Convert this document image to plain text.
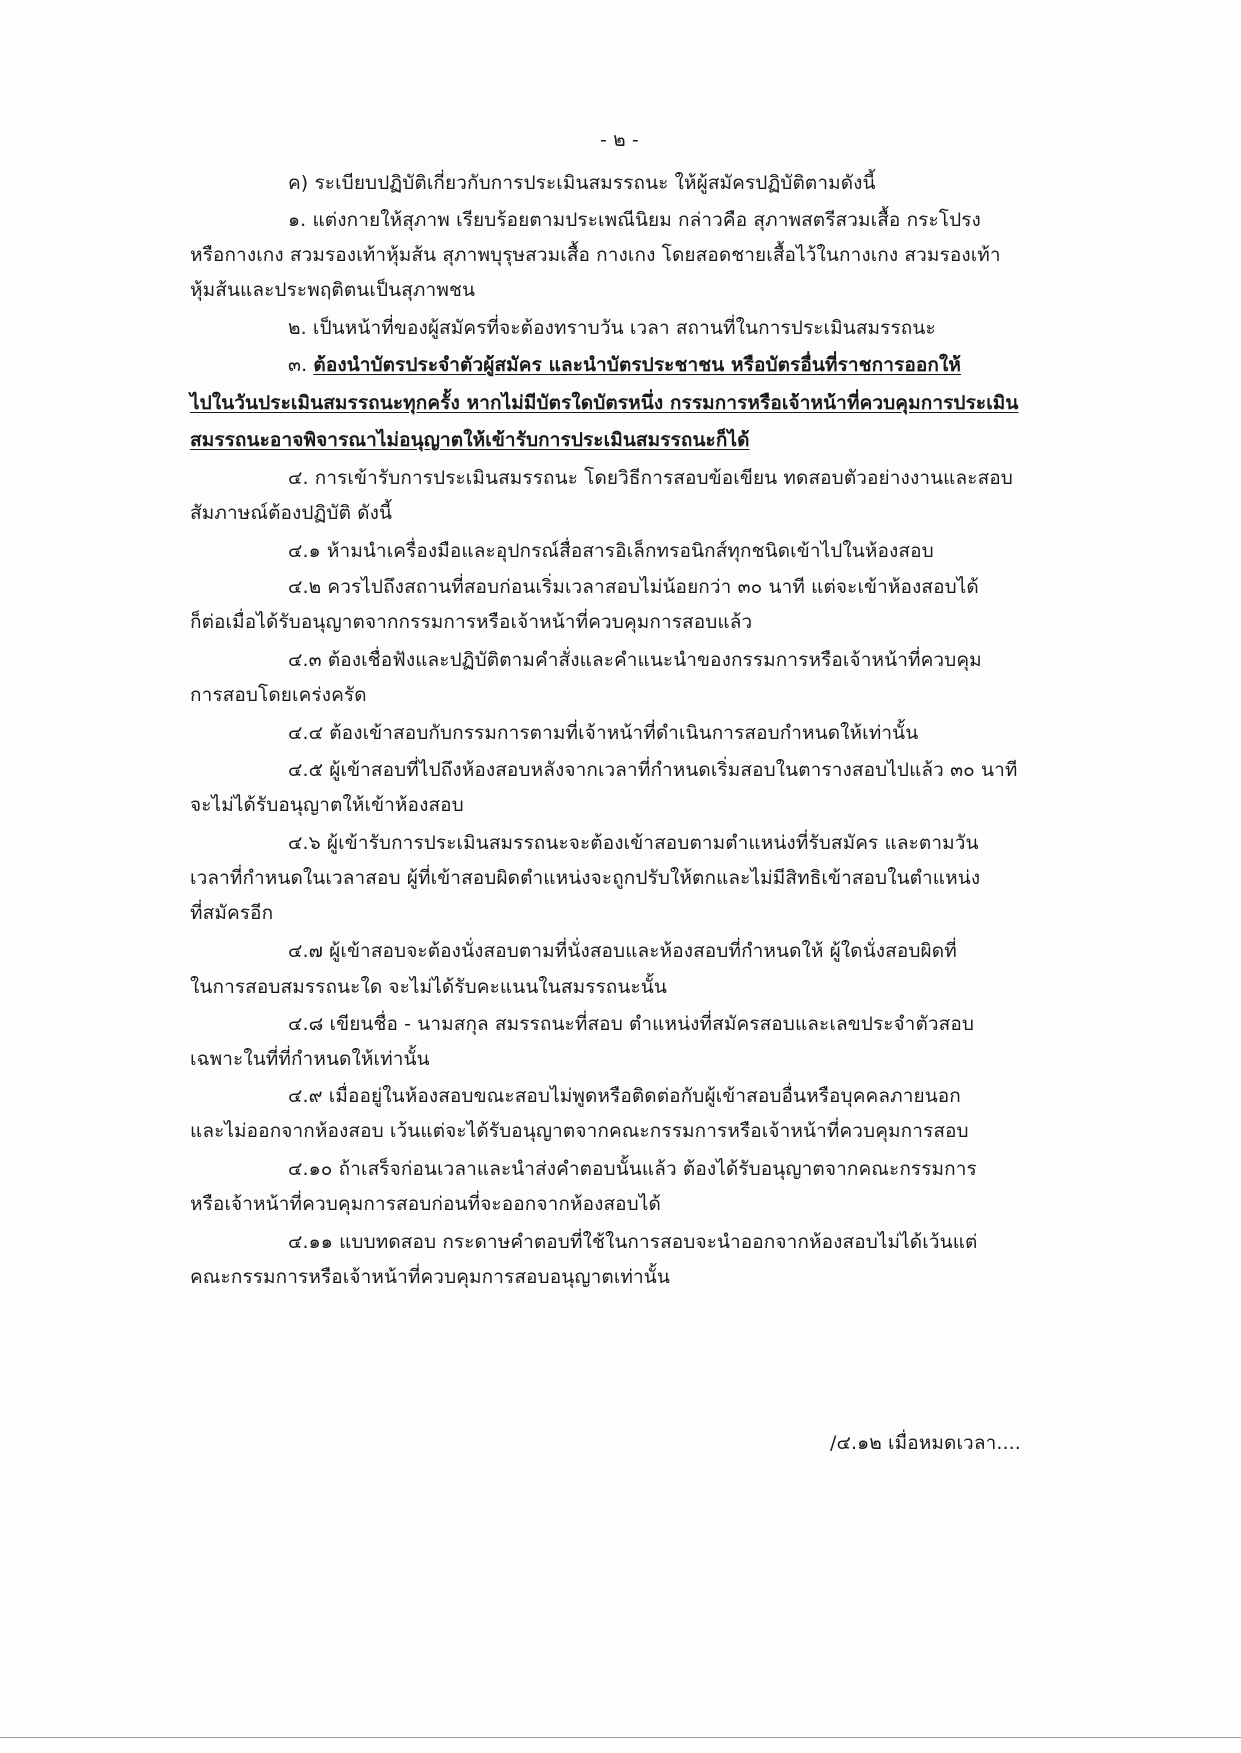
- ๒ -
ค) ระเบียบปฏิบัติเกี่ยวกับการประเมินสมรรถนะ ให้ผู้สมัครปฏิบัติตามดังนี้
๑. แต่งกายให้สุภาพ เรียบร้อยตามประเพณีนิยม กล่าวคือ สุภาพสตรีสวมเสื้อ กระโปรง
หรือกางเกง สวมรองเท้าหุ้มส้น สุภาพบุรุษสวมเสื้อ กางเกง โดยสอดชายเสื้อไว้ในกางเกง สวมรองเท้า
หุ้มส้นและประพฤติตนเป็นสุภาพชน
๒. เป็นหน้าที่ของผู้สมัครที่จะต้องทราบวัน เวลา สถานที่ในการประเมินสมรรถนะ
๓. ต้องนำบัตรประจำตัวผู้สมัคร และนำบัตรประชาชน หรือบัตรอื่นที่ราชการออกให้
ไปในวันประเมินสมรรถนะทุกครั้ง หากไม่มีบัตรใดบัตรหนึ่ง กรรมการหรือเจ้าหน้าที่ควบคุมการประเมิน
สมรรถนะอาจพิจารณาไม่อนุญาตให้เข้ารับการประเมินสมรรถนะก็ได้
๔. การเข้ารับการประเมินสมรรถนะ โดยวิธีการสอบข้อเขียน ทดสอบตัวอย่างงานและสอบ
สัมภาษณ์ต้องปฏิบัติ ดังนี้
๔.๑ ห้ามนำเครื่องมือและอุปกรณ์สื่อสารอิเล็กทรอนิกส์ทุกชนิดเข้าไปในห้องสอบ
๔.๒ ควรไปถึงสถานที่สอบก่อนเริ่มเวลาสอบไม่น้อยกว่า ๓๐ นาที แต่จะเข้าห้องสอบได้
ก็ต่อเมื่อได้รับอนุญาตจากกรรมการหรือเจ้าหน้าที่ควบคุมการสอบแล้ว
๔.๓ ต้องเชื่อฟังและปฏิบัติตามคำสั่งและคำแนะนำของกรรมการหรือเจ้าหน้าที่ควบคุม
การสอบโดยเคร่งครัด
๔.๔ ต้องเข้าสอบกับกรรมการตามที่เจ้าหน้าที่ดำเนินการสอบกำหนดให้เท่านั้น
๔.๕ ผู้เข้าสอบที่ไปถึงห้องสอบหลังจากเวลาที่กำหนดเริ่มสอบในตารางสอบไปแล้ว ๓๐ นาที
จะไม่ได้รับอนุญาตให้เข้าห้องสอบ
๔.๖ ผู้เข้ารับการประเมินสมรรถนะจะต้องเข้าสอบตามตำแหน่งที่รับสมัคร และตามวัน
เวลาที่กำหนดในเวลาสอบ ผู้ที่เข้าสอบผิดตำแหน่งจะถูกปรับให้ตกและไม่มีสิทธิเข้าสอบในตำแหน่ง
ที่สมัครอีก
๔.๗ ผู้เข้าสอบจะต้องนั่งสอบตามที่นั่งสอบและห้องสอบที่กำหนดให้ ผู้ใดนั่งสอบผิดที่
ในการสอบสมรรถนะใด จะไม่ได้รับคะแนนในสมรรถนะนั้น
๔.๘ เขียนชื่อ - นามสกุล สมรรถนะที่สอบ ตำแหน่งที่สมัครสอบและเลขประจำตัวสอบ
เฉพาะในที่ที่กำหนดให้เท่านั้น
๔.๙ เมื่ออยู่ในห้องสอบขณะสอบไม่พูดหรือติดต่อกับผู้เข้าสอบอื่นหรือบุคคลภายนอก
และไม่ออกจากห้องสอบ เว้นแต่จะได้รับอนุญาตจากคณะกรรมการหรือเจ้าหน้าที่ควบคุมการสอบ
๔.๑๐ ถ้าเสร็จก่อนเวลาและนำส่งคำตอบนั้นแล้ว ต้องได้รับอนุญาตจากคณะกรรมการ
หรือเจ้าหน้าที่ควบคุมการสอบก่อนที่จะออกจากห้องสอบได้
๔.๑๑ แบบทดสอบ กระดาษคำตอบที่ใช้ในการสอบจะนำออกจากห้องสอบไม่ได้เว้นแต่
คณะกรรมการหรือเจ้าหน้าที่ควบคุมการสอบอนุญาตเท่านั้น
/๔.๑๒ เมื่อหมดเวลา....
